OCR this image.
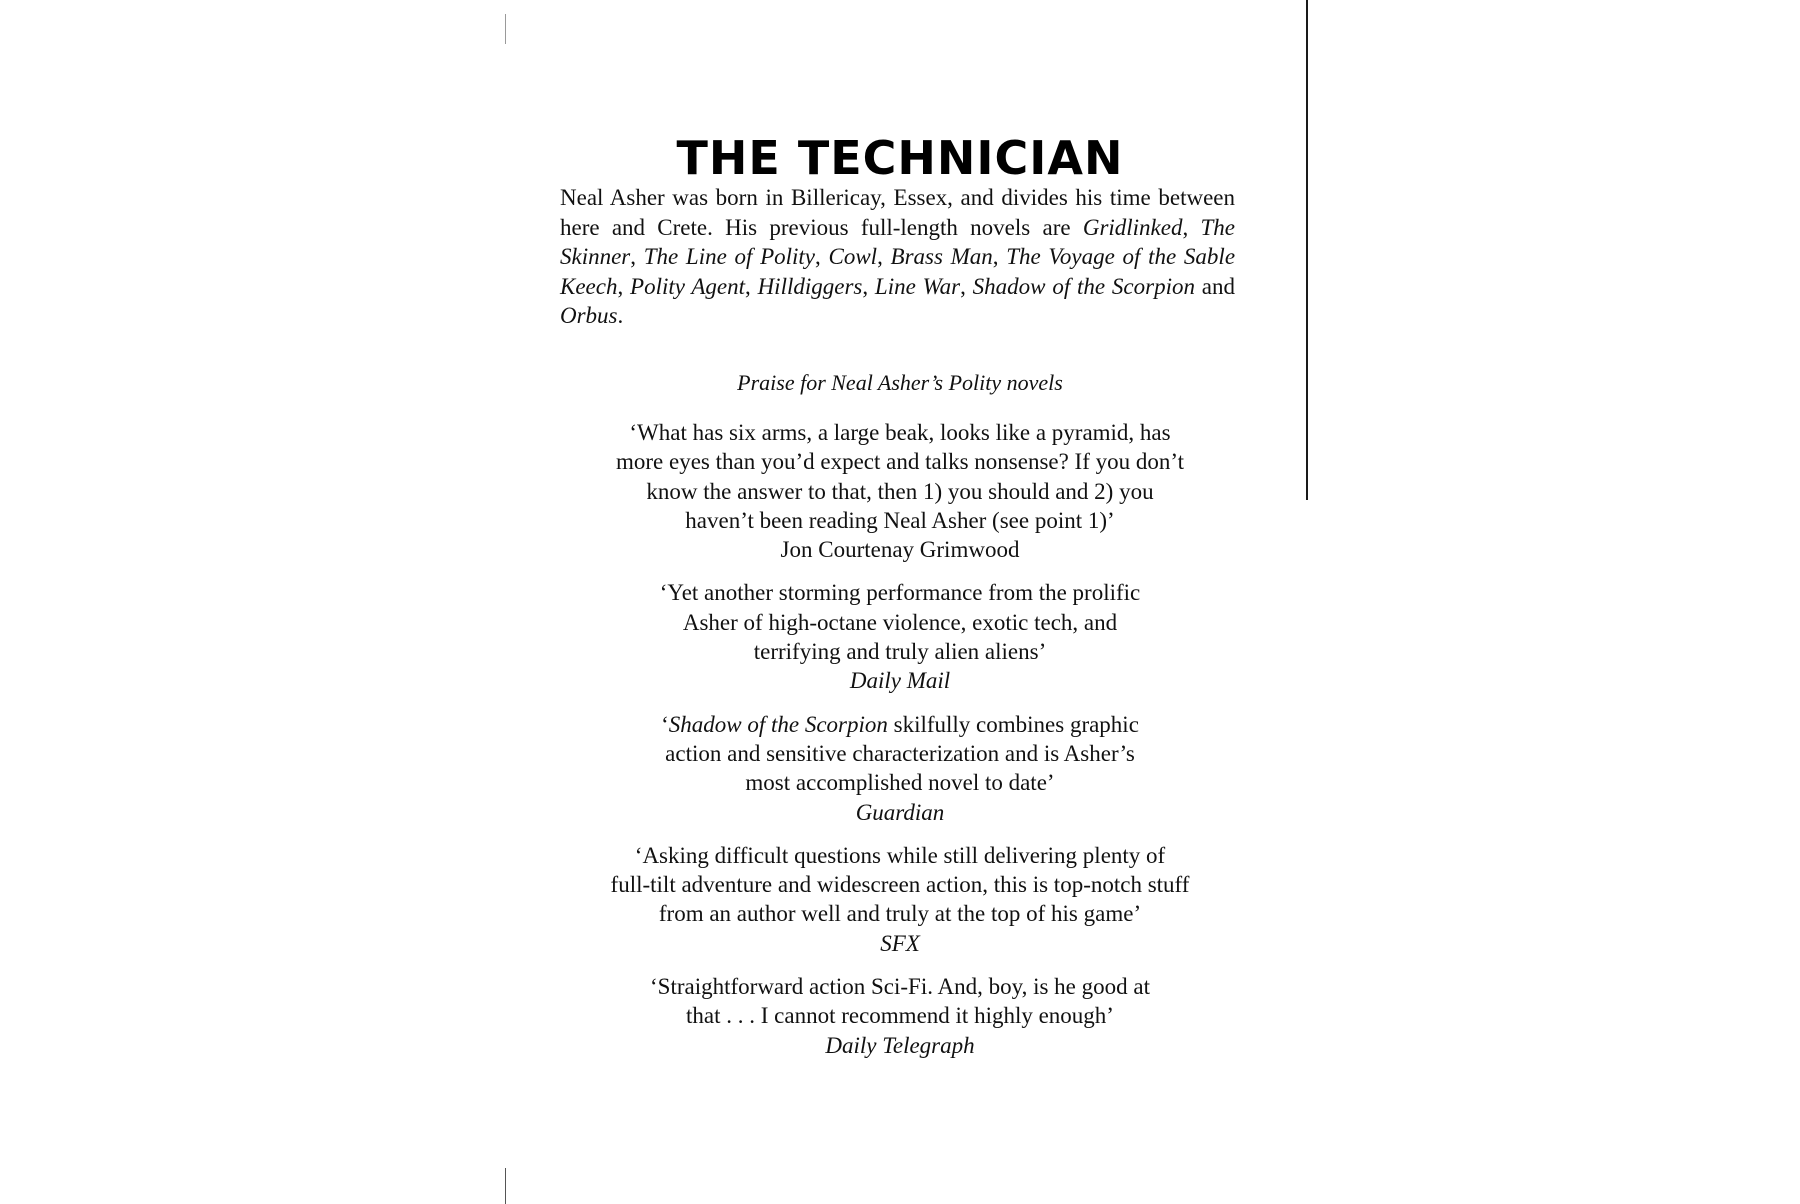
THE TECHNICIAN
Neal Asher was born in Billericay, Essex, and divides his time between here and Crete. His previous full-length novels are Gridlinked, The Skinner, The Line of Polity, Cowl, Brass Man, The Voyage of the Sable Keech, Polity Agent, Hilldiggers, Line War, Shadow of the Scorpion and Orbus.
Praise for Neal Asher’s Polity novels
‘What has six arms, a large beak, looks like a pyramid, has
more eyes than you’d expect and talks nonsense? If you don’t
know the answer to that, then 1) you should and 2) you
haven’t been reading Neal Asher (see point 1)’
Jon Courtenay Grimwood
‘Yet another storming performance from the prolific
Asher of high-octane violence, exotic tech, and
terrifying and truly alien aliens’
Daily Mail
‘Shadow of the Scorpion skilfully combines graphic
action and sensitive characterization and is Asher’s
most accomplished novel to date’
Guardian
‘Asking difficult questions while still delivering plenty of
full-tilt adventure and widescreen action, this is top-notch stuff
from an author well and truly at the top of his game’
SFX
‘Straightforward action Sci-Fi. And, boy, is he good at
that . . . I cannot recommend it highly enough’
Daily Telegraph
